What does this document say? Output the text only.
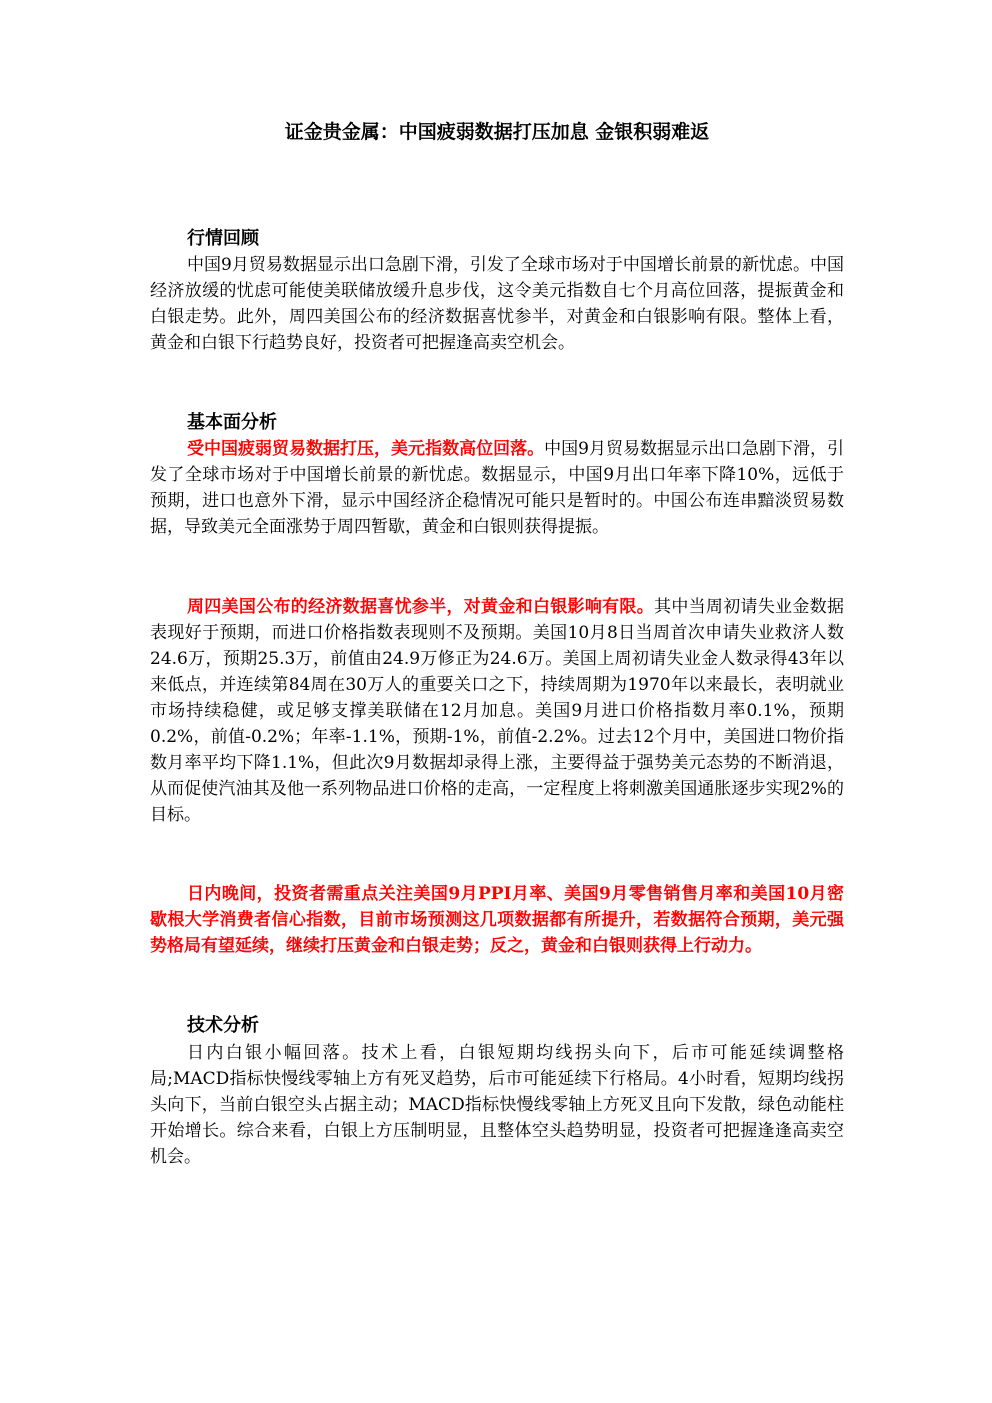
证金贵金属：中国疲弱数据打压加息 金银积弱难返
行情回顾

中国9月贸易数据显示出口急剧下滑，引发了全球市场对于中国增长前景的新忧虑。中国经济放缓的忧虑可能使美联储放缓升息步伐，这令美元指数自七个月高位回落，提振黄金和白银走势。此外，周四美国公布的经济数据喜忧参半，对黄金和白银影响有限。整体上看，黄金和白银下行趋势良好，投资者可把握逢高卖空机会。

基本面分析

受中国疲弱贸易数据打压，美元指数高位回落。中国9月贸易数据显示出口急剧下滑，引发了全球市场对于中国增长前景的新忧虑。数据显示，中国9月出口年率下降10%，远低于预期，进口也意外下滑，显示中国经济企稳情况可能只是暂时的。中国公布连串黯淡贸易数据，导致美元全面涨势于周四暂歇，黄金和白银则获得提振。

周四美国公布的经济数据喜忧参半，对黄金和白银影响有限。其中当周初请失业金数据表现好于预期，而进口价格指数表现则不及预期。美国10月8日当周首次申请失业救济人数24.6万，预期25.3万，前值由24.9万修正为24.6万。美国上周初请失业金人数录得43年以来低点，并连续第84周在30万人的重要关口之下，持续周期为1970年以来最长，表明就业市场持续稳健，或足够支撑美联储在12月加息。美国9月进口价格指数月率0.1%，预期0.2%，前值-0.2%；年率-1.1%，预期-1%，前值-2.2%。过去12个月中，美国进口物价指数月率平均下降1.1%，但此次9月数据却录得上涨，主要得益于强势美元态势的不断消退，从而促使汽油其及他一系列物品进口价格的走高，一定程度上将刺激美国通胀逐步实现2%的目标。

日内晚间，投资者需重点关注美国9月PPI月率、美国9月零售销售月率和美国10月密歇根大学消费者信心指数，目前市场预测这几项数据都有所提升，若数据符合预期，美元强势格局有望延续，继续打压黄金和白银走势；反之，黄金和白银则获得上行动力。

技术分析

日内白银小幅回落。技术上看，白银短期均线拐头向下，后市可能延续调整格局;MACD指标快慢线零轴上方有死叉趋势，后市可能延续下行格局。4小时看，短期均线拐头向下，当前白银空头占据主动；MACD指标快慢线零轴上方死叉且向下发散，绿色动能柱开始增长。综合来看，白银上方压制明显，且整体空头趋势明显，投资者可把握逢逢高卖空机会。
